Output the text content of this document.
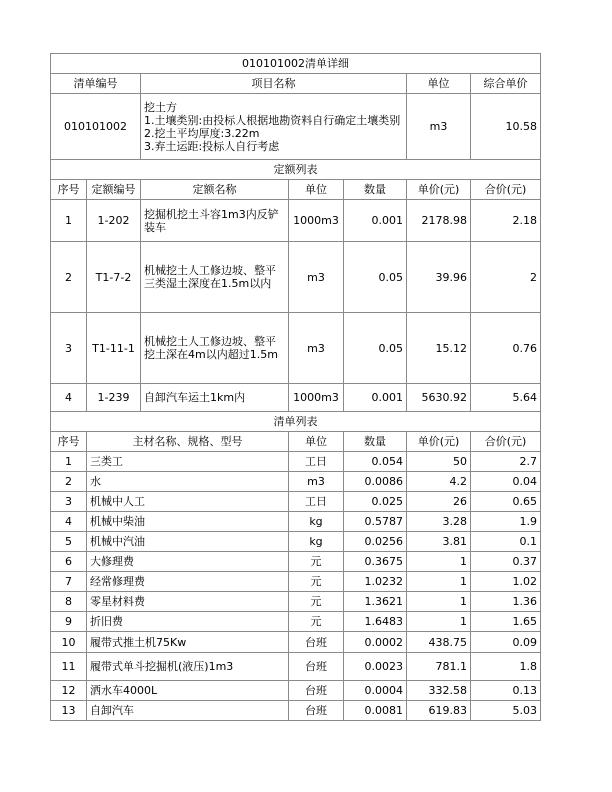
010101002清单详细						
清单编号		项目名称			单位	综合单价
010101002		挖土方
1.土壤类别:由投标人根据地勘资料自行确定土壤类别
2.挖土平均厚度:3.22m
3.弃土运距:投标人自行考虑			m3	10.58
定额列表						
序号	定额编号	定额名称	单位	数量	单价(元)	合价(元)
1	1-202	挖掘机挖土斗容1m3内反铲装车	1000m3	0.001	2178.98	2.18
2	T1-7-2	机械挖土人工修边坡、整平三类湿土深度在1.5m以内	m3	0.05	39.96	2
3	T1-11-1	机械挖土人工修边坡、整平挖土深在4m以内超过1.5m	m3	0.05	15.12	0.76
4	1-239	自卸汽车运土1km内	1000m3	0.001	5630.92	5.64
清单列表						
序号	主材名称、规格、型号		单位	数量	单价(元)	合价(元)
1	三类工		工日	0.054	50	2.7
2	水		m3	0.0086	4.2	0.04
3	机械中人工		工日	0.025	26	0.65
4	机械中柴油		kg	0.5787	3.28	1.9
5	机械中汽油		kg	0.0256	3.81	0.1
6	大修理费		元	0.3675	1	0.37
7	经常修理费		元	1.0232	1	1.02
8	零星材料费		元	1.3621	1	1.36
9	折旧费		元	1.6483	1	1.65
10	履带式推土机75Kw		台班	0.0002	438.75	0.09
11	履带式单斗挖掘机(液压)1m3		台班	0.0023	781.1	1.8
12	洒水车4000L		台班	0.0004	332.58	0.13
13	自卸汽车		台班	0.0081	619.83	5.03
